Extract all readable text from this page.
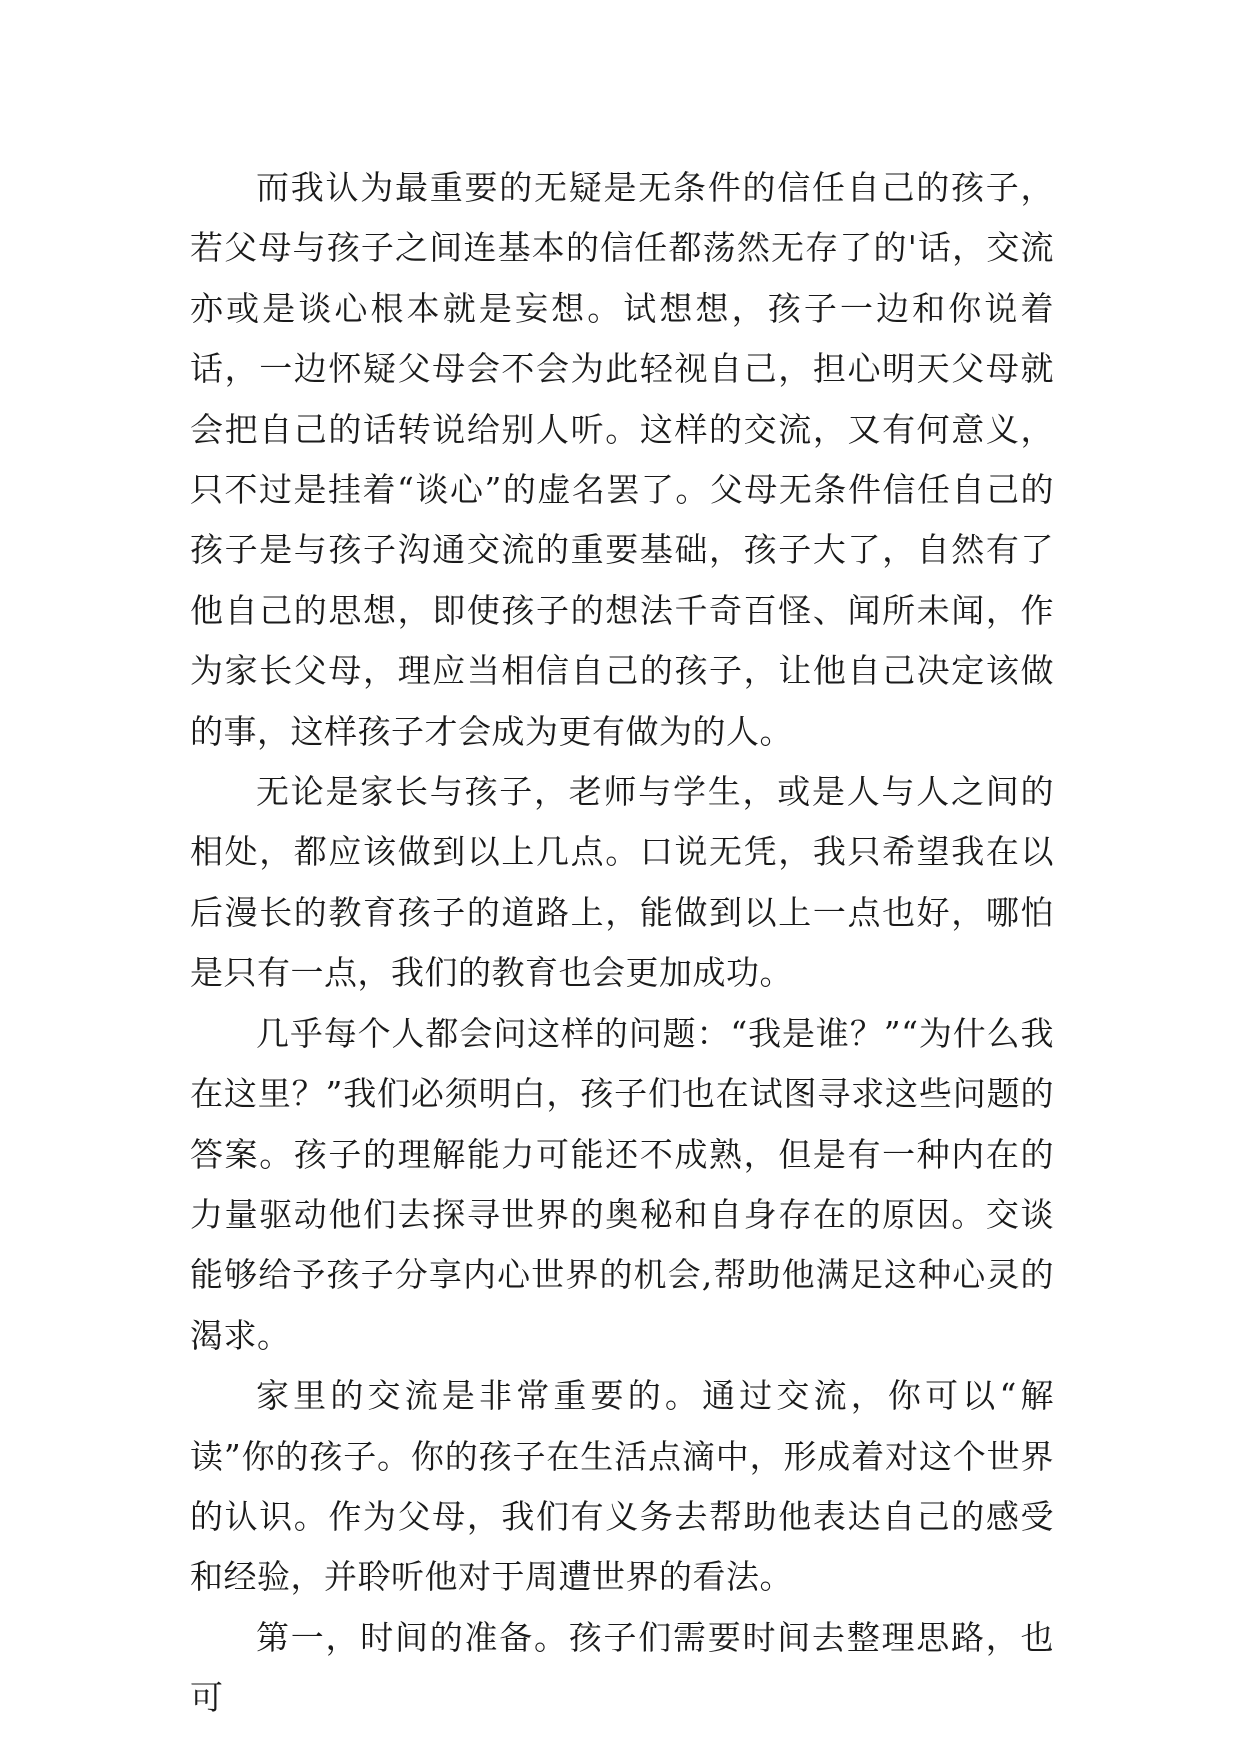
而我认为最重要的无疑是无条件的信任自己的孩子，若父母与孩子之间连基本的信任都荡然无存了的'话，交流亦或是谈心根本就是妄想。试想想，孩子一边和你说着话，一边怀疑父母会不会为此轻视自己，担心明天父母就会把自己的话转说给别人听。这样的交流，又有何意义，只不过是挂着“谈心”的虚名罢了。父母无条件信任自己的孩子是与孩子沟通交流的重要基础，孩子大了，自然有了他自己的思想，即使孩子的想法千奇百怪、闻所未闻，作为家长父母，理应当相信自己的孩子，让他自己决定该做的事，这样孩子才会成为更有做为的人。

无论是家长与孩子，老师与学生，或是人与人之间的相处，都应该做到以上几点。口说无凭，我只希望我在以后漫长的教育孩子的道路上，能做到以上一点也好，哪怕是只有一点，我们的教育也会更加成功。

几乎每个人都会问这样的问题：“我是谁？”“为什么我在这里？”我们必须明白，孩子们也在试图寻求这些问题的答案。孩子的理解能力可能还不成熟，但是有一种内在的力量驱动他们去探寻世界的奥秘和自身存在的原因。交谈能够给予孩子分享内心世界的机会,帮助他满足这种心灵的渴求。

家里的交流是非常重要的。通过交流，你可以“解读”你的孩子。你的孩子在生活点滴中，形成着对这个世界的认识。作为父母，我们有义务去帮助他表达自己的感受和经验，并聆听他对于周遭世界的看法。

第一，时间的准备。孩子们需要时间去整理思路，也可
